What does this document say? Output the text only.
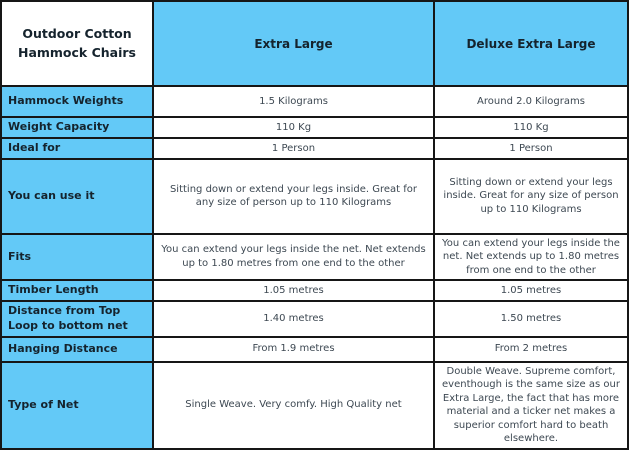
Outdoor Cotton Hammock Chairs	Extra Large	Deluxe Extra Large
Hammock Weights	1.5 Kilograms	Around 2.0 Kilograms
Weight Capacity	110 Kg	110 Kg
Ideal for	1 Person	1 Person
You can use it	Sitting down or extend your legs inside. Great for any size of person up to 110 Kilograms	Sitting down or extend your legs inside. Great for any size of person up to 110 Kilograms
Fits	You can extend your legs inside the net. Net extends up to 1.80 metres from one end to the other	You can extend your legs inside the net. Net extends up to 1.80 metres from one end to the other
Timber Length	1.05 metres	1.05 metres
Distance from Top Loop to bottom net	1.40 metres	1.50 metres
Hanging Distance	From 1.9 metres	From 2 metres
Type of Net	Single Weave. Very comfy. High Quality net	Double Weave. Supreme comfort, eventhough is the same size as our Extra Large, the fact that has more material and a ticker net makes a superior comfort hard to beath elsewhere.
